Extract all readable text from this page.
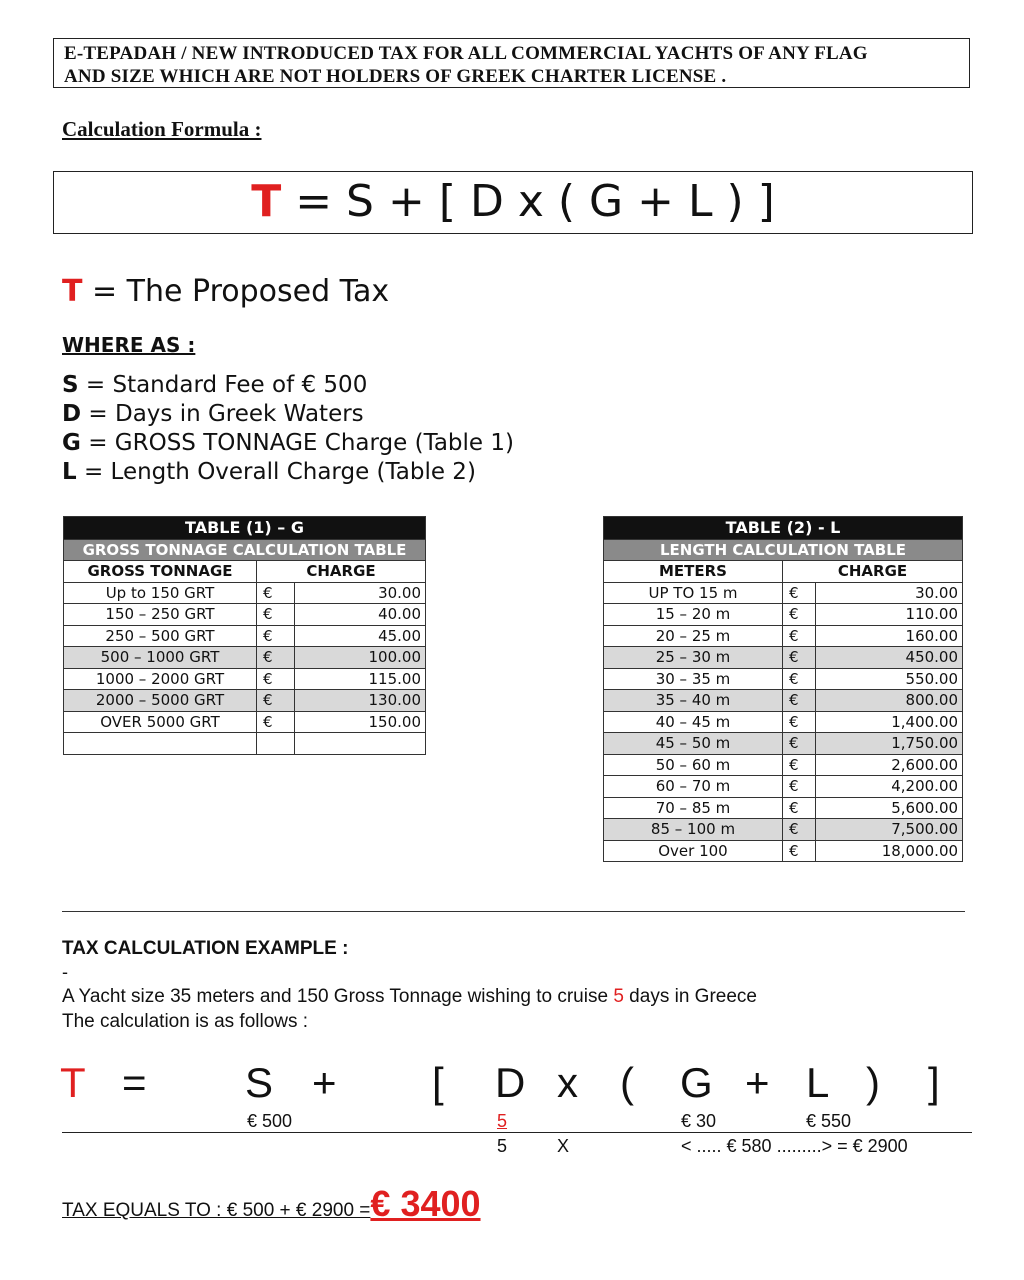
E-TEPADAH / NEW INTRODUCED TAX FOR ALL COMMERCIAL YACHTS OF ANY FLAG
AND SIZE WHICH ARE NOT HOLDERS OF GREEK CHARTER LICENSE .
Calculation Formula :
T = S + [ D x ( G + L ) ]
T = The Proposed Tax
WHERE AS :
S = Standard Fee of € 500
D = Days in Greek Waters
G = GROSS TONNAGE Charge (Table 1)
L = Length Overall Charge (Table 2)
TABLE (1) – G		
GROSS TONNAGE CALCULATION TABLE		
GROSS TONNAGE	CHARGE	
Up to 150 GRT	€	30.00
150 – 250 GRT	€	40.00
250 – 500 GRT	€	45.00
500 – 1000 GRT	€	100.00
1000 – 2000 GRT	€	115.00
2000 – 5000 GRT	€	130.00
OVER 5000 GRT	€	150.00

TABLE (2) - L		
LENGTH CALCULATION TABLE		
METERS	CHARGE	
UP TO 15 m	€	30.00
15 – 20 m	€	110.00
20 – 25 m	€	160.00
25 – 30 m	€	450.00
30 – 35 m	€	550.00
35 – 40 m	€	800.00
40 – 45 m	€	1,400.00
45 – 50 m	€	1,750.00
50 – 60 m	€	2,600.00
60 – 70 m	€	4,200.00
70 – 85 m	€	5,600.00
85 – 100 m	€	7,500.00
Over 100	€	18,000.00
TAX CALCULATION EXAMPLE :
-
A Yacht size 35 meters and 150 Gross Tonnage wishing to cruise 5 days in Greece
The calculation is as follows :
T = S + [ D x ( G + L ) ]
€ 500	5	€ 30	€ 550
5	X	< ..... € 580 .........> = € 2900
TAX EQUALS TO : € 500 + € 2900 =€ 3400
